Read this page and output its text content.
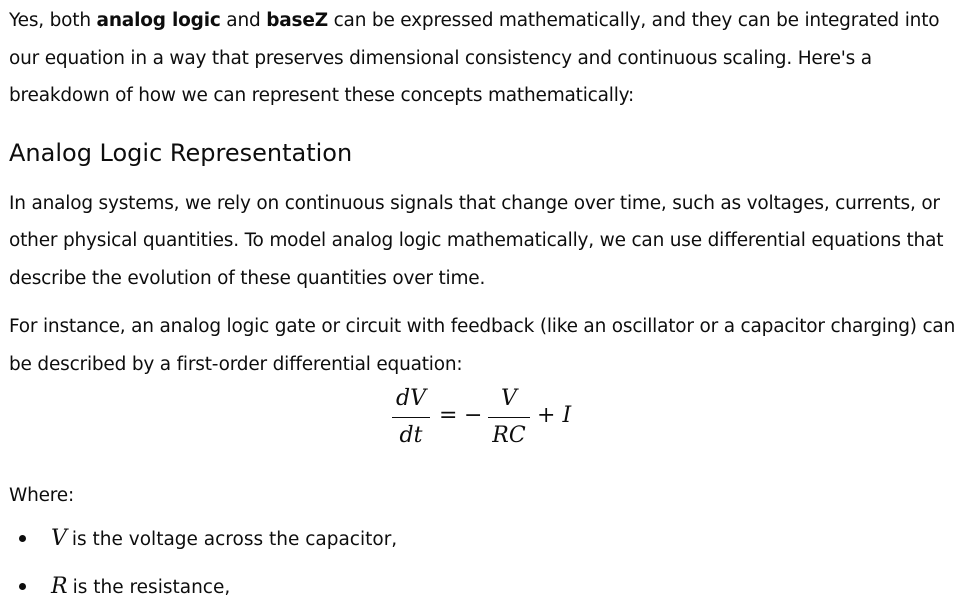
Yes, both analog logic and baseZ can be expressed mathematically, and they can be integrated into our equation in a way that preserves dimensional consistency and continuous scaling. Here's a breakdown of how we can represent these concepts mathematically:

Analog Logic Representation

In analog systems, we rely on continuous signals that change over time, such as voltages, currents, or other physical quantities. To model analog logic mathematically, we can use differential equations that describe the evolution of these quantities over time.

For instance, an analog logic gate or circuit with feedback (like an oscillator or a capacitor charging) can be described by a first-order differential equation:

dV
dt
= −
V
RC
+ I

Where:

V is the voltage across the capacitor,
R is the resistance,
